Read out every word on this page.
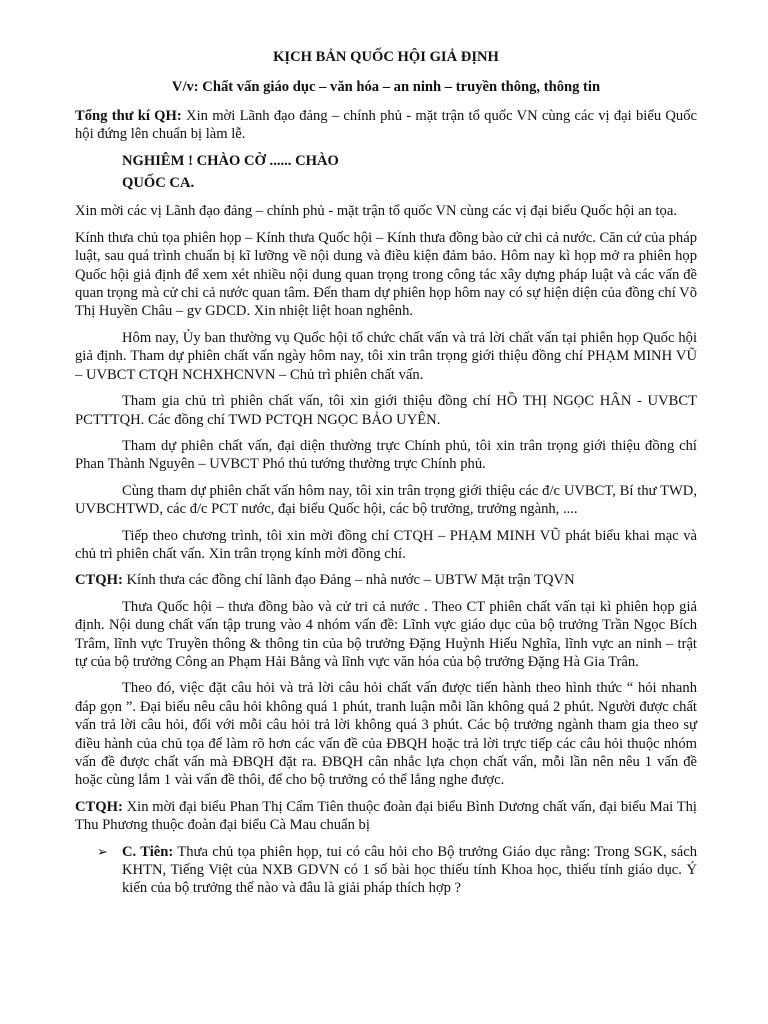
KỊCH BẢN QUỐC HỘI GIẢ ĐỊNH

V/v: Chất vấn giáo dục – văn hóa – an ninh – truyền thông, thông tin

Tổng thư kí QH: Xin mời Lãnh đạo đảng – chính phủ - mặt trận tổ quốc VN cùng các vị đại biểu Quốc hội đứng lên chuẩn bị làm lễ.

NGHIÊM ! CHÀO CỜ ...... CHÀO

QUỐC CA.

Xin mời các vị Lãnh đạo đảng – chính phủ - mặt trận tổ quốc VN cùng các vị đại biểu Quốc hội an tọa.

Kính thưa chủ tọa phiên họp – Kính thưa Quốc hội – Kính thưa đồng bào cử chi cả nước. Căn cứ của pháp luật, sau quá trình chuẩn bị kĩ lưỡng về nội dung và điều kiện đảm bảo. Hôm nay kì họp mở ra phiên họp Quốc hội giả định để xem xét nhiều nội dung quan trọng trong công tác xây dựng pháp luật và các vấn đề quan trọng mà cử chi cả nước quan tâm. Đến tham dự phiên họp hôm nay có sự hiện diện của đồng chí Võ Thị Huyền Châu – gv GDCD. Xin nhiệt liệt hoan nghênh.

Hôm nay, Ủy ban thường vụ Quốc hội tổ chức chất vấn và trả lời chất vấn tại phiên họp Quốc hội giả định. Tham dự phiên chất vấn ngày hôm nay, tôi xin trân trọng giới thiệu đồng chí PHẠM MINH VŨ – UVBCT CTQH NCHXHCNVN – Chủ trì phiên chất vấn.

Tham gia chủ trì phiên chất vấn, tôi xin giới thiệu đồng chí HỒ THỊ NGỌC HÂN - UVBCT PCTTTQH. Các đồng chí TWD PCTQH NGỌC BẢO UYÊN.

Tham dự phiên chất vấn, đại diện thường trực Chính phủ, tôi xin trân trọng giới thiệu đồng chí Phan Thành Nguyên – UVBCT Phó thủ tướng thường trực Chính phủ.

Cùng tham dự phiên chất vấn hôm nay, tôi xin trân trọng giới thiệu các đ/c UVBCT, Bí thư TWD, UVBCHTWD, các đ/c PCT nước, đại biểu Quốc hội, các bộ trưởng, trưởng ngành, ....

Tiếp theo chương trình, tôi xin mời đồng chí CTQH – PHẠM MINH VŨ phát biểu khai mạc và chủ trì phiên chất vấn. Xin trân trọng kính mời đồng chí.

CTQH: Kính thưa các đồng chí lãnh đạo Đảng – nhà nước – UBTW Mặt trận TQVN

Thưa Quốc hội – thưa đồng bào và cử tri cả nước . Theo CT phiên chất vấn tại kì phiên họp giả định. Nội dung chất vấn tập trung vào 4 nhóm vấn đề: Lĩnh vực giáo dục của bộ trưởng Trần Ngọc Bích Trâm, lĩnh vực Truyền thông & thông tin của bộ trưởng Đặng Huỳnh Hiếu Nghĩa, lĩnh vực an ninh – trật tự của bộ trưởng Công an Phạm Hải Bằng và lĩnh vực văn hóa của bộ trưởng Đặng Hà Gia Trân.

Theo đó, việc đặt câu hỏi và trả lời câu hỏi chất vấn được tiến hành theo hình thức “ hỏi nhanh đáp gọn ”. Đại biểu nêu câu hỏi không quá 1 phút, tranh luận mỗi lần không quá 2 phút. Người được chất vấn trả lời câu hỏi, đối với mỗi câu hỏi trả lời không quá 3 phút. Các bộ trưởng ngành tham gia theo sự điều hành của chủ tọa để làm rõ hơn các vấn đề của ĐBQH hoặc trả lời trực tiếp các câu hỏi thuộc nhóm vấn đề được chất vấn mà ĐBQH đặt ra. ĐBQH cân nhắc lựa chọn chất vấn, mỗi lần nên nêu 1 vấn đề hoặc cùng lắm 1 vài vấn đề thôi, để cho bộ trưởng có thể lắng nghe được.

CTQH: Xin mời đại biểu Phan Thị Cẩm Tiên thuộc đoàn đại biểu Bình Dương chất vấn, đại biểu Mai Thị Thu Phương thuộc đoàn đại biểu Cà Mau chuẩn bị

➢ C. Tiên: Thưa chủ tọa phiên họp, tui có câu hỏi cho Bộ trưởng Giáo dục rằng: Trong SGK, sách KHTN, Tiếng Việt của NXB GDVN có 1 số bài học thiếu tính Khoa học, thiếu tính giáo dục. Ý kiến của bộ trưởng thế nào và đâu là giải pháp thích hợp ?
